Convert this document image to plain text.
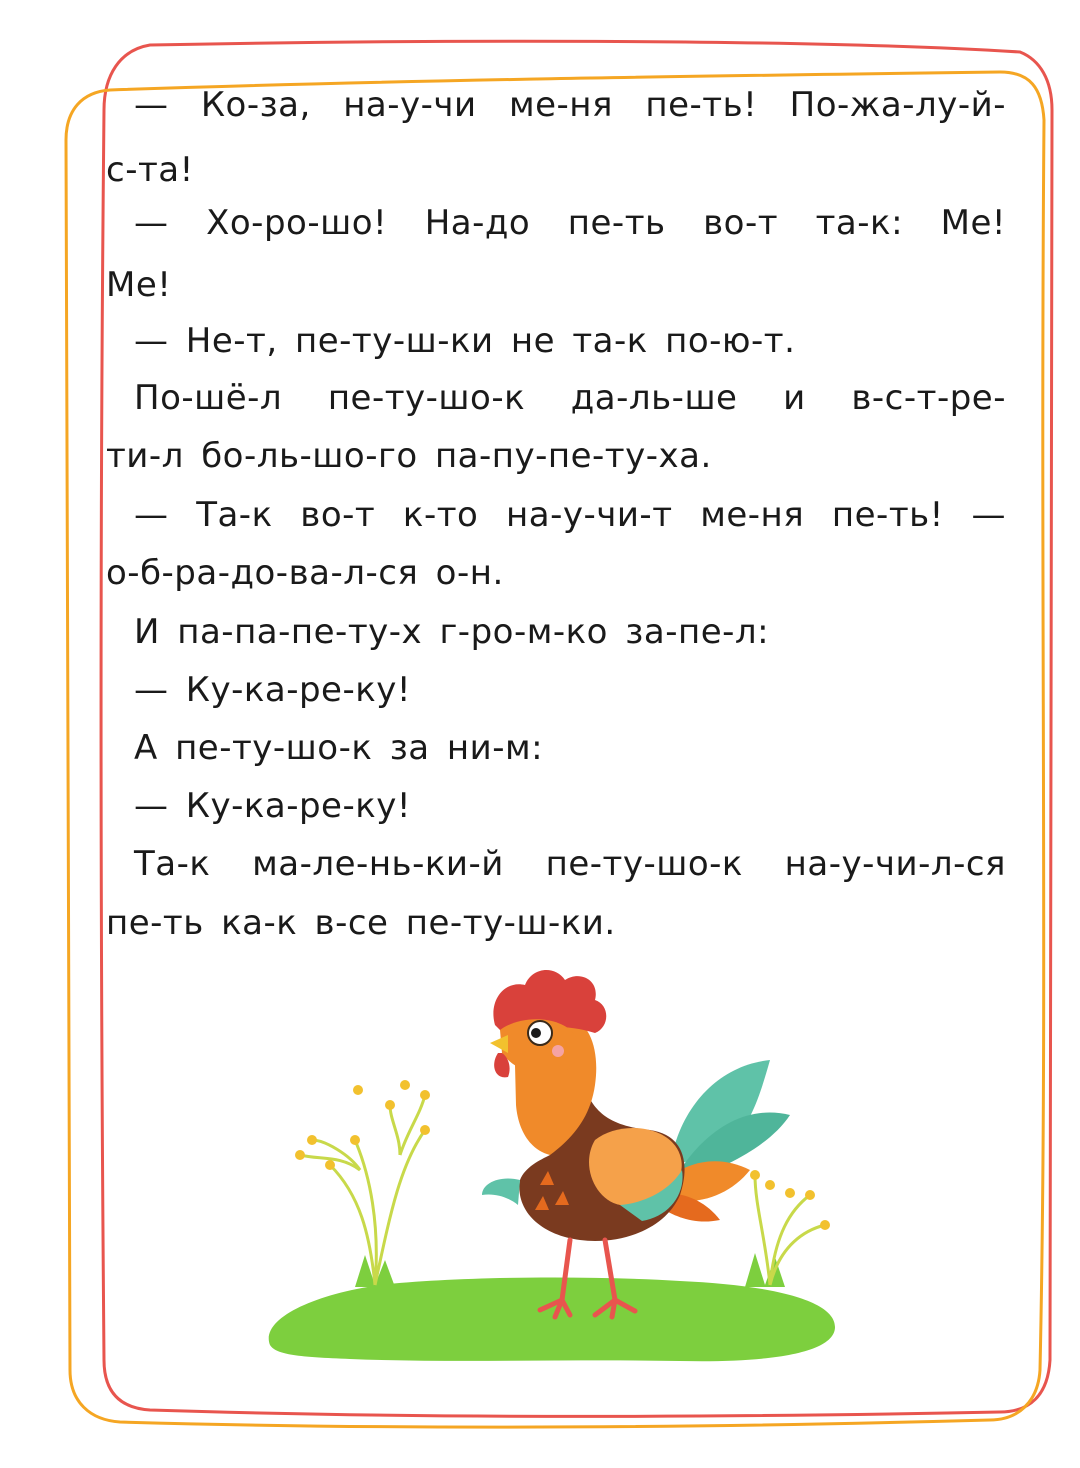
— Ко-за, на-у-чи ме-ня пе-ть! По-жа-лу-й-
с-та!
— Хо-ро-шо! На-до пе-ть во-т та-к: Ме!
Ме!
— Не-т, пе-ту-ш-ки не та-к по-ю-т.
По-шё-л пе-ту-шо-к да-ль-ше и в-с-т-ре-
ти-л бо-ль-шо-го па-пу-пе-ту-ха.
— Та-к во-т к-то на-у-чи-т ме-ня пе-ть! —
о-б-ра-до-ва-л-ся о-н.
И па-па-пе-ту-х г-ро-м-ко за-пе-л:
— Ку-ка-ре-ку!
А пе-ту-шо-к за ни-м:
— Ку-ка-ре-ку!
Та-к ма-ле-нь-ки-й пе-ту-шо-к на-у-чи-л-ся
пе-ть ка-к в-се пе-ту-ш-ки.
